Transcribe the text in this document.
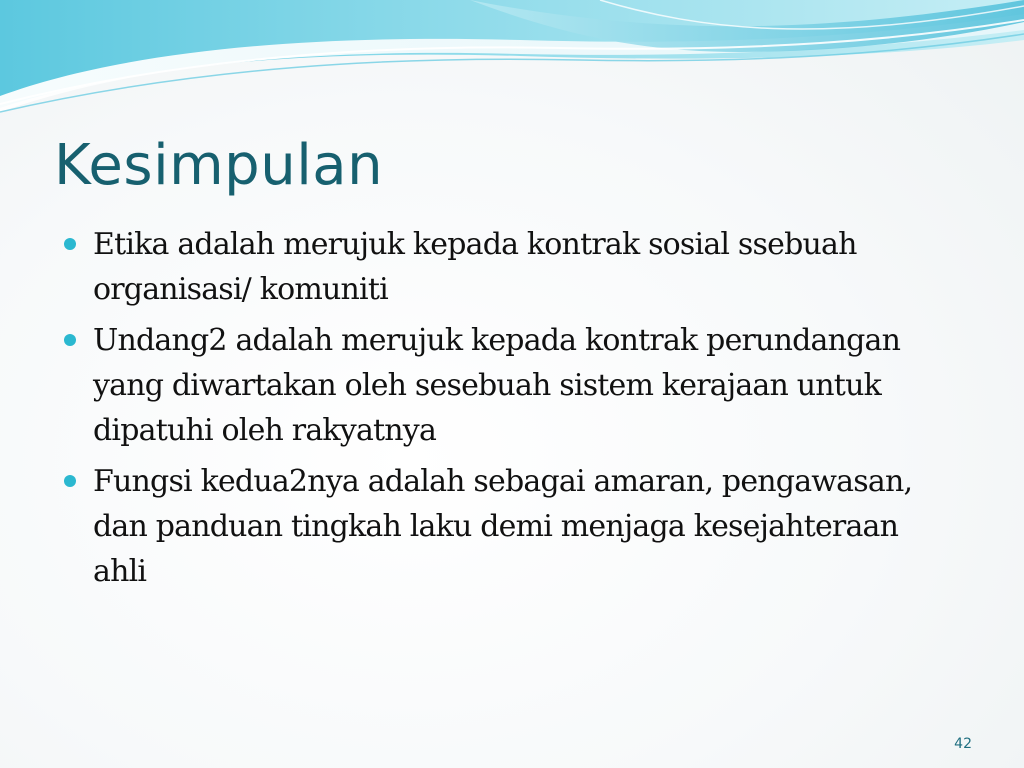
Kesimpulan
Etika adalah merujuk kepada kontrak sosial ssebuah organisasi/ komuniti
Undang2 adalah merujuk kepada kontrak perundangan yang diwartakan oleh sesebuah sistem kerajaan untuk dipatuhi oleh rakyatnya
Fungsi kedua2nya adalah sebagai amaran, pengawasan, dan panduan tingkah laku demi menjaga kesejahteraan ahli
42
